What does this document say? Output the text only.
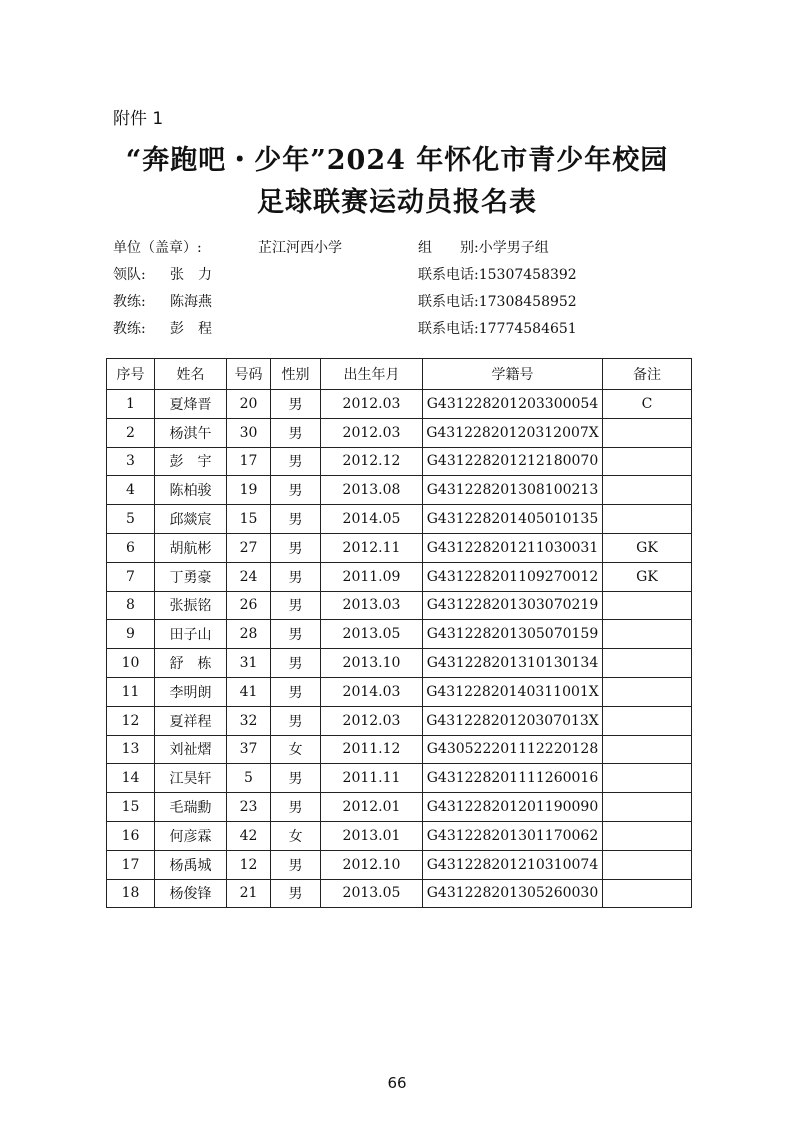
附件 1
“奔跑吧・少年”2024 年怀化市青少年校园
足球联赛运动员报名表
单位（盖章）:	芷江河西小学	组　　别:小学男子组
领队: 张　力	联系电话:15307458392
教练: 陈海燕	联系电话:17308458952
教练: 彭　程	联系电话:17774584651
序号	姓名	号码	性别	出生年月	学籍号	备注
1	夏烽晋	20	男	2012.03	G431228201203300054	C
2	杨淇午	30	男	2012.03	G43122820120312007X	
3	彭　宇	17	男	2012.12	G431228201212180070	
4	陈柏骏	19	男	2013.08	G431228201308100213	
5	邱燚宸	15	男	2014.05	G431228201405010135	
6	胡航彬	27	男	2012.11	G431228201211030031	GK
7	丁勇豪	24	男	2011.09	G431228201109270012	GK
8	张振铭	26	男	2013.03	G431228201303070219	
9	田子山	28	男	2013.05	G431228201305070159	
10	舒　栋	31	男	2013.10	G431228201310130134	
11	李明朗	41	男	2014.03	G43122820140311001X	
12	夏祥程	32	男	2012.03	G43122820120307013X	
13	刘祉熠	37	女	2011.12	G430522201112220128	
14	江昊轩	5	男	2011.11	G431228201111260016	
15	毛瑞勳	23	男	2012.01	G431228201201190090	
16	何彦霖	42	女	2013.01	G431228201301170062	
17	杨禹城	12	男	2012.10	G431228201210310074	
18	杨俊锋	21	男	2013.05	G431228201305260030	
66
